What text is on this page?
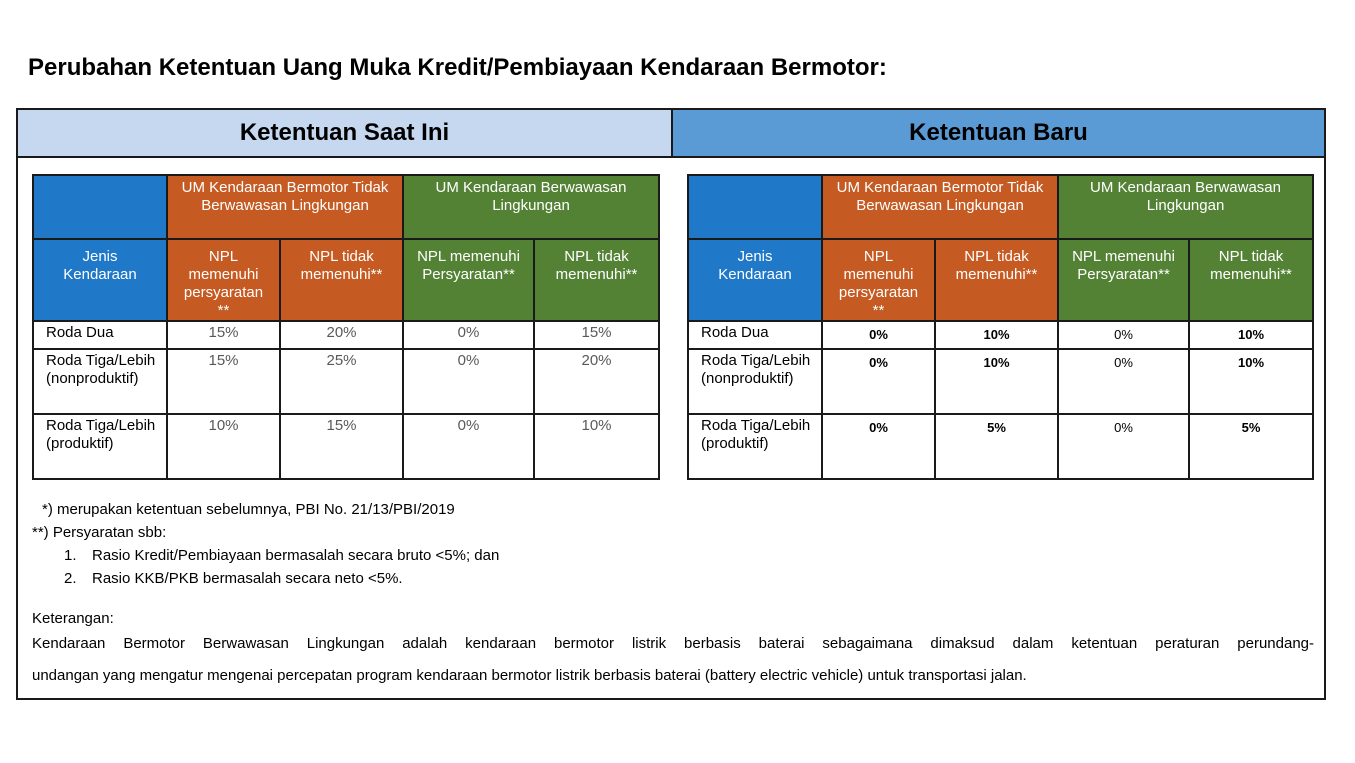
Perubahan Ketentuan Uang Muka Kredit/Pembiayaan Kendaraan Bermotor:
Ketentuan Saat Ini	Ketentuan Baru

	UM Kendaraan Bermotor Tidak Berwawasan Lingkungan		UM Kendaraan Berwawasan Lingkungan	

Jenis Kendaraan	NPL memenuhi persyaratan **	NPL tidak memenuhi**	NPL memenuhi Persyaratan**	NPL tidak memenuhi**

Roda Dua	15%	20%	0%	15%
Roda Tiga/Lebih (nonproduktif)	15%	25%	0%	20%
Roda Tiga/Lebih (produktif)	10%	15%	0%	10%

	UM Kendaraan Bermotor Tidak Berwawasan Lingkungan		UM Kendaraan Berwawasan Lingkungan	

Jenis Kendaraan	NPL memenuhi persyaratan **	NPL tidak memenuhi**	NPL memenuhi Persyaratan**	NPL tidak memenuhi**

Roda Dua	0%	10%	0%	10%
Roda Tiga/Lebih (nonproduktif)	0%	10%	0%	10%
Roda Tiga/Lebih (produktif)	0%	5%	0%	5%
*) merupakan ketentuan sebelumnya, PBI No. 21/13/PBI/2019
**) Persyaratan sbb:
1. Rasio Kredit/Pembiayaan bermasalah secara bruto <5%; dan
2. Rasio KKB/PKB bermasalah secara neto <5%.
Keterangan:
Kendaraan Bermotor Berwawasan Lingkungan adalah kendaraan bermotor listrik berbasis baterai sebagaimana dimaksud dalam ketentuan peraturan perundang-
undangan yang mengatur mengenai percepatan program kendaraan bermotor listrik berbasis baterai (battery electric vehicle) untuk transportasi jalan.
